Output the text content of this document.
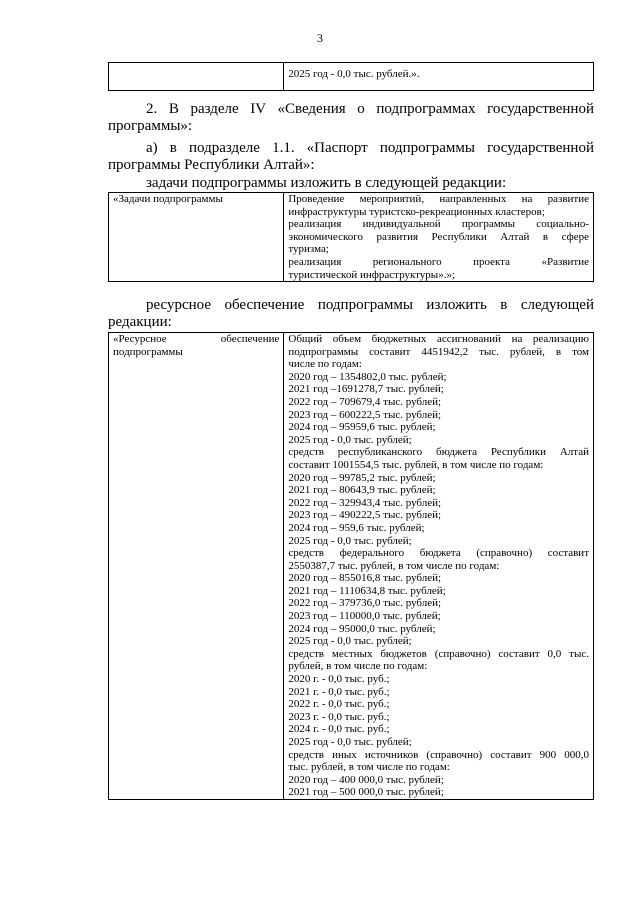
3
	2025 год - 0,0 тыс. рублей.».
2. В разделе IV «Сведения о подпрограммах государственной
программы»:
а) в подразделе 1.1. «Паспорт подпрограммы государственной
программы Республики Алтай»:
задачи подпрограммы изложить в следующей редакции:
«Задачи подпрограммы	Проведение мероприятий, направленных на развитие
инфраструктуры туристско-рекреационных кластеров;
реализация индивидуальной программы социально-
экономического развития Республики Алтай в сфере
туризма;
реализация регионального проекта «Развитие
туристической инфраструктуры».»;
ресурсное обеспечение подпрограммы изложить в следующей
редакции:
«Ресурсное обеспечение
подпрограммы

Общий объем бюджетных ассигнований на реализацию
подпрограммы составит 4451942,2 тыс. рублей, в том
числе по годам:
2020 год – 1354802,0 тыс. рублей;
2021 год –1691278,7 тыс. рублей;
2022 год – 709679,4 тыс. рублей;
2023 год – 600222,5 тыс. рублей;
2024 год – 95959,6 тыс. рублей;
2025 год - 0,0 тыс. рублей;
средств республиканского бюджета Республики Алтай
составит 1001554,5 тыс. рублей, в том числе по годам:
2020 год – 99785,2 тыс. рублей;
2021 год – 80643,9 тыс. рублей;
2022 год – 329943,4 тыс. рублей;
2023 год – 490222,5 тыс. рублей;
2024 год – 959,6 тыс. рублей;
2025 год - 0,0 тыс. рублей;
средств федерального бюджета (справочно) составит
2550387,7 тыс. рублей, в том числе по годам:
2020 год – 855016,8 тыс. рублей;
2021 год – 1110634,8 тыс. рублей;
2022 год – 379736,0 тыс. рублей;
2023 год – 110000,0 тыс. рублей;
2024 год – 95000,0 тыс. рублей;
2025 год - 0,0 тыс. рублей;
средств местных бюджетов (справочно) составит 0,0 тыс.
рублей, в том числе по годам:
2020 г. - 0,0 тыс. руб.;
2021 г. - 0,0 тыс. руб.;
2022 г. - 0,0 тыс. руб.;
2023 г. - 0,0 тыс. руб.;
2024 г. - 0,0 тыс. руб.;
2025 год - 0,0 тыс. рублей;
средств иных источников (справочно) составит 900 000,0
тыс. рублей, в том числе по годам:
2020 год – 400 000,0 тыс. рублей;
2021 год – 500 000,0 тыс. рублей;
